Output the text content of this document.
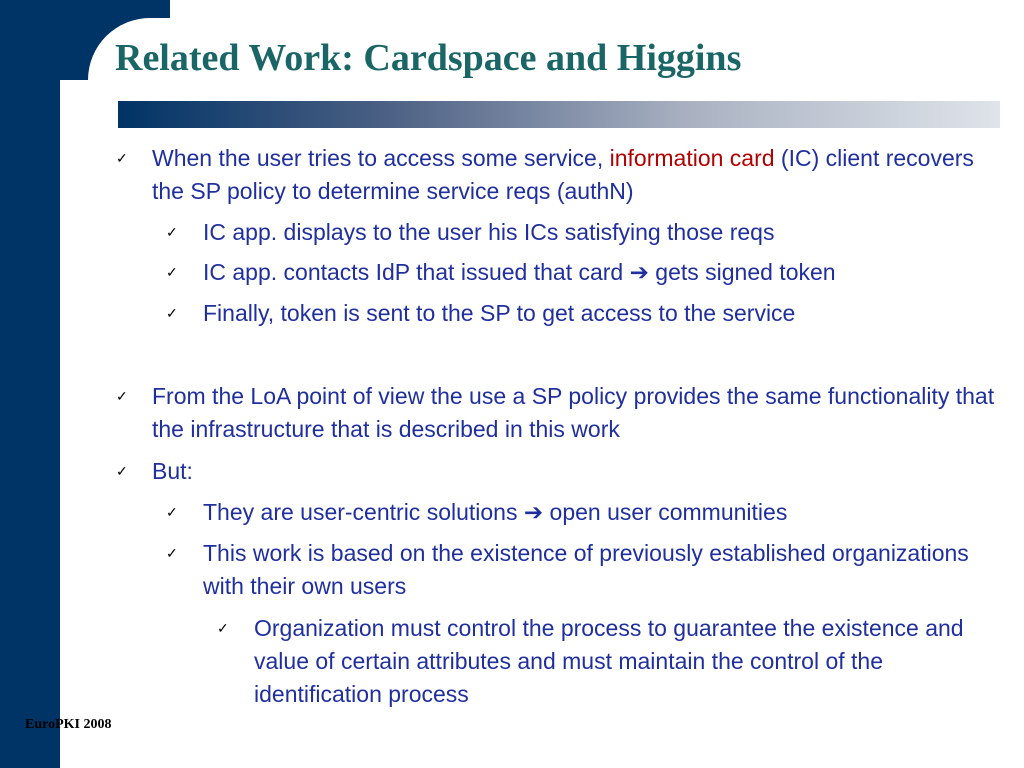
Related Work: Cardspace and Higgins
✓ When the user tries to access some service, information card (IC) client recovers the SP policy to determine service reqs (authN)
✓ IC app. displays to the user his ICs satisfying those reqs
✓ IC app. contacts IdP that issued that card ➔ gets signed token
✓ Finally, token is sent to the SP to get access to the service
✓ From the LoA point of view the use a SP policy provides the same functionality that the infrastructure that is described in this work
✓ But:
✓ They are user-centric solutions ➔ open user communities
✓ This work is based on the existence of previously established organizations with their own users
✓ Organization must control the process to guarantee the existence and value of certain attributes and must maintain the control of the identification process
EuroPKI 2008
